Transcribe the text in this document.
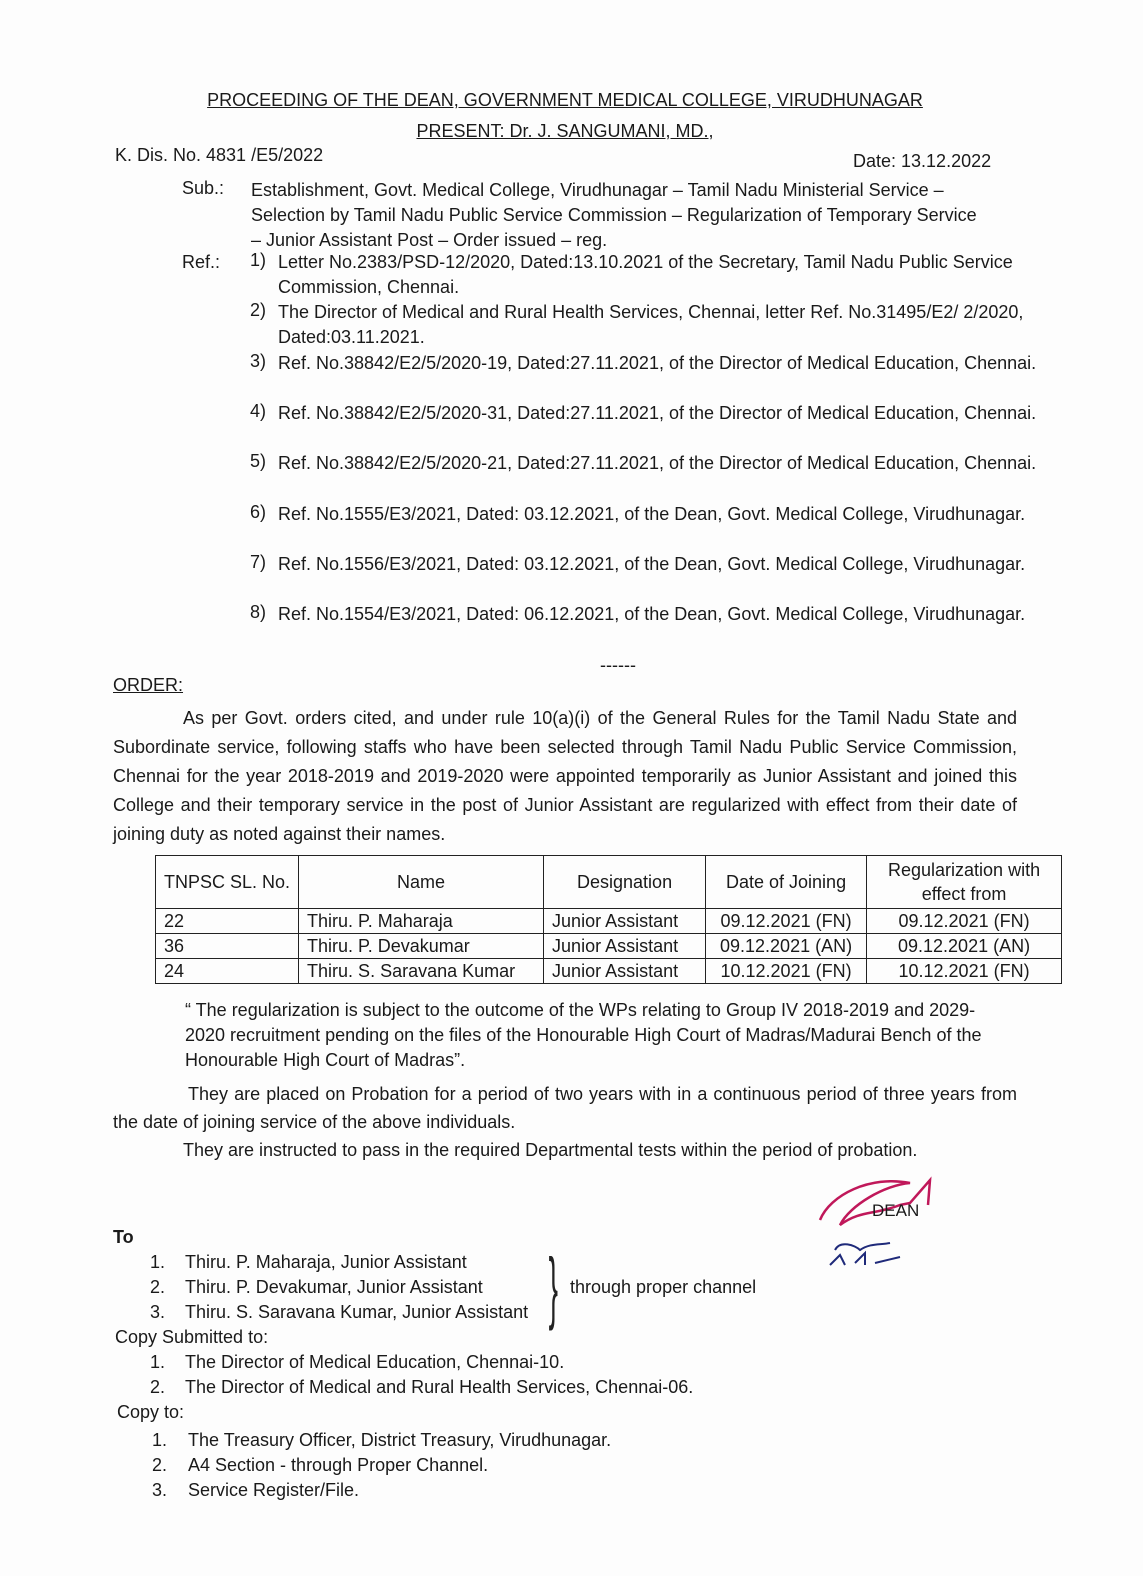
PROCEEDING OF THE DEAN, GOVERNMENT MEDICAL COLLEGE, VIRUDHUNAGAR
PRESENT: Dr. J. SANGUMANI, MD.,
K. Dis. No. 4831 /E5/2022	Date: 13.12.2022
Sub.: Establishment, Govt. Medical College, Virudhunagar – Tamil Nadu Ministerial Service –
Selection by Tamil Nadu Public Service Commission – Regularization of Temporary Service
– Junior Assistant Post – Order issued – reg.
Ref.: 1) Letter No.2383/PSD-12/2020, Dated:13.10.2021 of the Secretary, Tamil Nadu Public Service Commission, Chennai.
2) The Director of Medical and Rural Health Services, Chennai, letter Ref. No.31495/E2/ 2/2020, Dated:03.11.2021.
3) Ref. No.38842/E2/5/2020-19, Dated:27.11.2021, of the Director of Medical Education, Chennai.
4) Ref. No.38842/E2/5/2020-31, Dated:27.11.2021, of the Director of Medical Education, Chennai.
5) Ref. No.38842/E2/5/2020-21, Dated:27.11.2021, of the Director of Medical Education, Chennai.
6) Ref. No.1555/E3/2021, Dated: 03.12.2021, of the Dean, Govt. Medical College, Virudhunagar.
7) Ref. No.1556/E3/2021, Dated: 03.12.2021, of the Dean, Govt. Medical College, Virudhunagar.
8) Ref. No.1554/E3/2021, Dated: 06.12.2021, of the Dean, Govt. Medical College, Virudhunagar.
------
ORDER:
As per Govt. orders cited, and under rule 10(a)(i) of the General Rules for the Tamil Nadu State and Subordinate service, following staffs who have been selected through Tamil Nadu Public Service Commission, Chennai for the year 2018-2019 and 2019-2020 were appointed temporarily as Junior Assistant and joined this College and their temporary service in the post of Junior Assistant are regularized with effect from their date of joining duty as noted against their names.
TNPSC SL. No.	Name	Designation	Date of Joining	Regularization with effect from
22	Thiru. P. Maharaja	Junior Assistant	09.12.2021 (FN)	09.12.2021 (FN)
36	Thiru. P. Devakumar	Junior Assistant	09.12.2021 (AN)	09.12.2021 (AN)
24	Thiru. S. Saravana Kumar	Junior Assistant	10.12.2021 (FN)	10.12.2021 (FN)
“ The regularization is subject to the outcome of the WPs relating to Group IV 2018-2019 and 2029-2020 recruitment pending on the files of the Honourable High Court of Madras/Madurai Bench of the Honourable High Court of Madras”.
They are placed on Probation for a period of two years with in a continuous period of three years from the date of joining service of the above individuals.
They are instructed to pass in the required Departmental tests within the period of probation.
DEAN
To
} through proper channel
Copy Submitted to:
Copy to:
1. Thiru. P. Maharaja, Junior Assistant
2. Thiru. P. Devakumar, Junior Assistant
3. Thiru. S. Saravana Kumar, Junior Assistant
1. The Director of Medical Education, Chennai-10.
2. The Director of Medical and Rural Health Services, Chennai-06.
1. The Treasury Officer, District Treasury, Virudhunagar.
2. A4 Section - through Proper Channel.
3. Service Register/File.
